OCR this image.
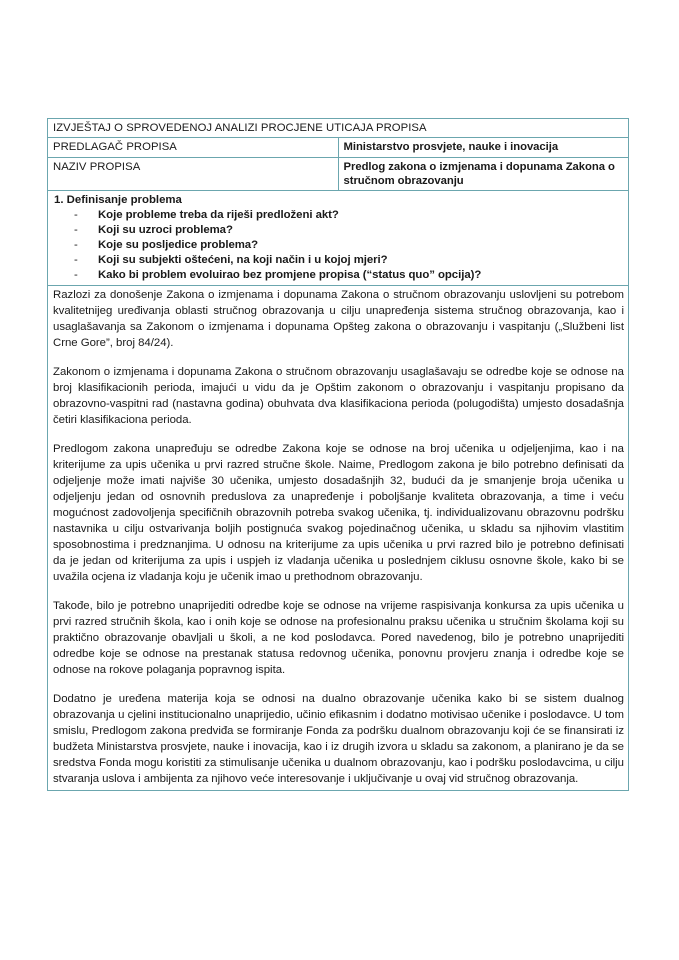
IZVJEŠTAJ O SPROVEDENOJ ANALIZI PROCJENE UTICAJA PROPISA	
PREDLAGAČ PROPISA	Ministarstvo prosvjete, nauke i inovacija
NAZIV PROPISA	Predlog zakona o izmjenama i dopunama Zakona o stručnom obrazovanju

1. Definisanje problema
- Koje probleme treba da riješi predloženi akt?
- Koji su uzroci problema?
- Koje su posljedice problema?
- Koji su subjekti oštećeni, na koji način i u kojoj mjeri?
- Kako bi problem evoluirao bez promjene propisa (“status quo” opcija)?

Razlozi za donošenje Zakona o izmjenama i dopunama Zakona o stručnom obrazovanju uslovljeni su potrebom kvalitetnijeg uređivanja oblasti stručnog obrazovanja u cilju unapređenja sistema stručnog obrazovanja, kao i usaglašavanja sa Zakonom o izmjenama i dopunama Opšteg zakona o obrazovanju i vaspitanju („Službeni list Crne Gore”, broj 84/24).

Zakonom o izmjenama i dopunama Zakona o stručnom obrazovanju usaglašavaju se odredbe koje se odnose na broj klasifikacionih perioda, imajući u vidu da je Opštim zakonom o obrazovanju i vaspitanju propisano da obrazovno-vaspitni rad (nastavna godina) obuhvata dva klasifikaciona perioda (polugodišta) umjesto dosadašnja četiri klasifikaciona perioda.

Predlogom zakona unapređuju se odredbe Zakona koje se odnose na broj učenika u odjeljenjima, kao i na kriterijume za upis učenika u prvi razred stručne škole. Naime, Predlogom zakona je bilo potrebno definisati da odjeljenje može imati najviše 30 učenika, umjesto dosadašnjih 32, budući da je smanjenje broja učenika u odjeljenju jedan od osnovnih preduslova za unapređenje i poboljšanje kvaliteta obrazovanja, a time i veću mogućnost zadovoljenja specifičnih obrazovnih potreba svakog učenika, tj. individualizovanu obrazovnu podršku nastavnika u cilju ostvarivanja boljih postignuća svakog pojedinačnog učenika, u skladu sa njihovim vlastitim sposobnostima i predznanjima. U odnosu na kriterijume za upis učenika u prvi razred bilo je potrebno definisati da je jedan od kriterijuma za upis i uspjeh iz vladanja učenika u poslednjem ciklusu osnovne škole, kako bi se uvažila ocjena iz vladanja koju je učenik imao u prethodnom obrazovanju.

Takođe, bilo je potrebno unaprijediti odredbe koje se odnose na vrijeme raspisivanja konkursa za upis učenika u prvi razred stručnih škola, kao i onih koje se odnose na profesionalnu praksu učenika u stručnim školama koji su praktično obrazovanje obavljali u školi, a ne kod poslodavca. Pored navedenog, bilo je potrebno unaprijediti odredbe koje se odnose na prestanak statusa redovnog učenika, ponovnu provjeru znanja i odredbe koje se odnose na rokove polaganja popravnog ispita.

Dodatno je uređena materija koja se odnosi na dualno obrazovanje učenika kako bi se sistem dualnog obrazovanja u cjelini institucionalno unaprijedio, učinio efikasnim i dodatno motivisao učenike i poslodavce. U tom smislu, Predlogom zakona predviđa se formiranje Fonda za podršku dualnom obrazovanju koji će se finansirati iz budžeta Ministarstva prosvjete, nauke i inovacija, kao i iz drugih izvora u skladu sa zakonom, a planirano je da se sredstva Fonda mogu koristiti za stimulisanje učenika u dualnom obrazovanju, kao i podršku poslodavcima, u cilju stvaranja uslova i ambijenta za njihovo veće interesovanje i uključivanje u ovaj vid stručnog obrazovanja.	
